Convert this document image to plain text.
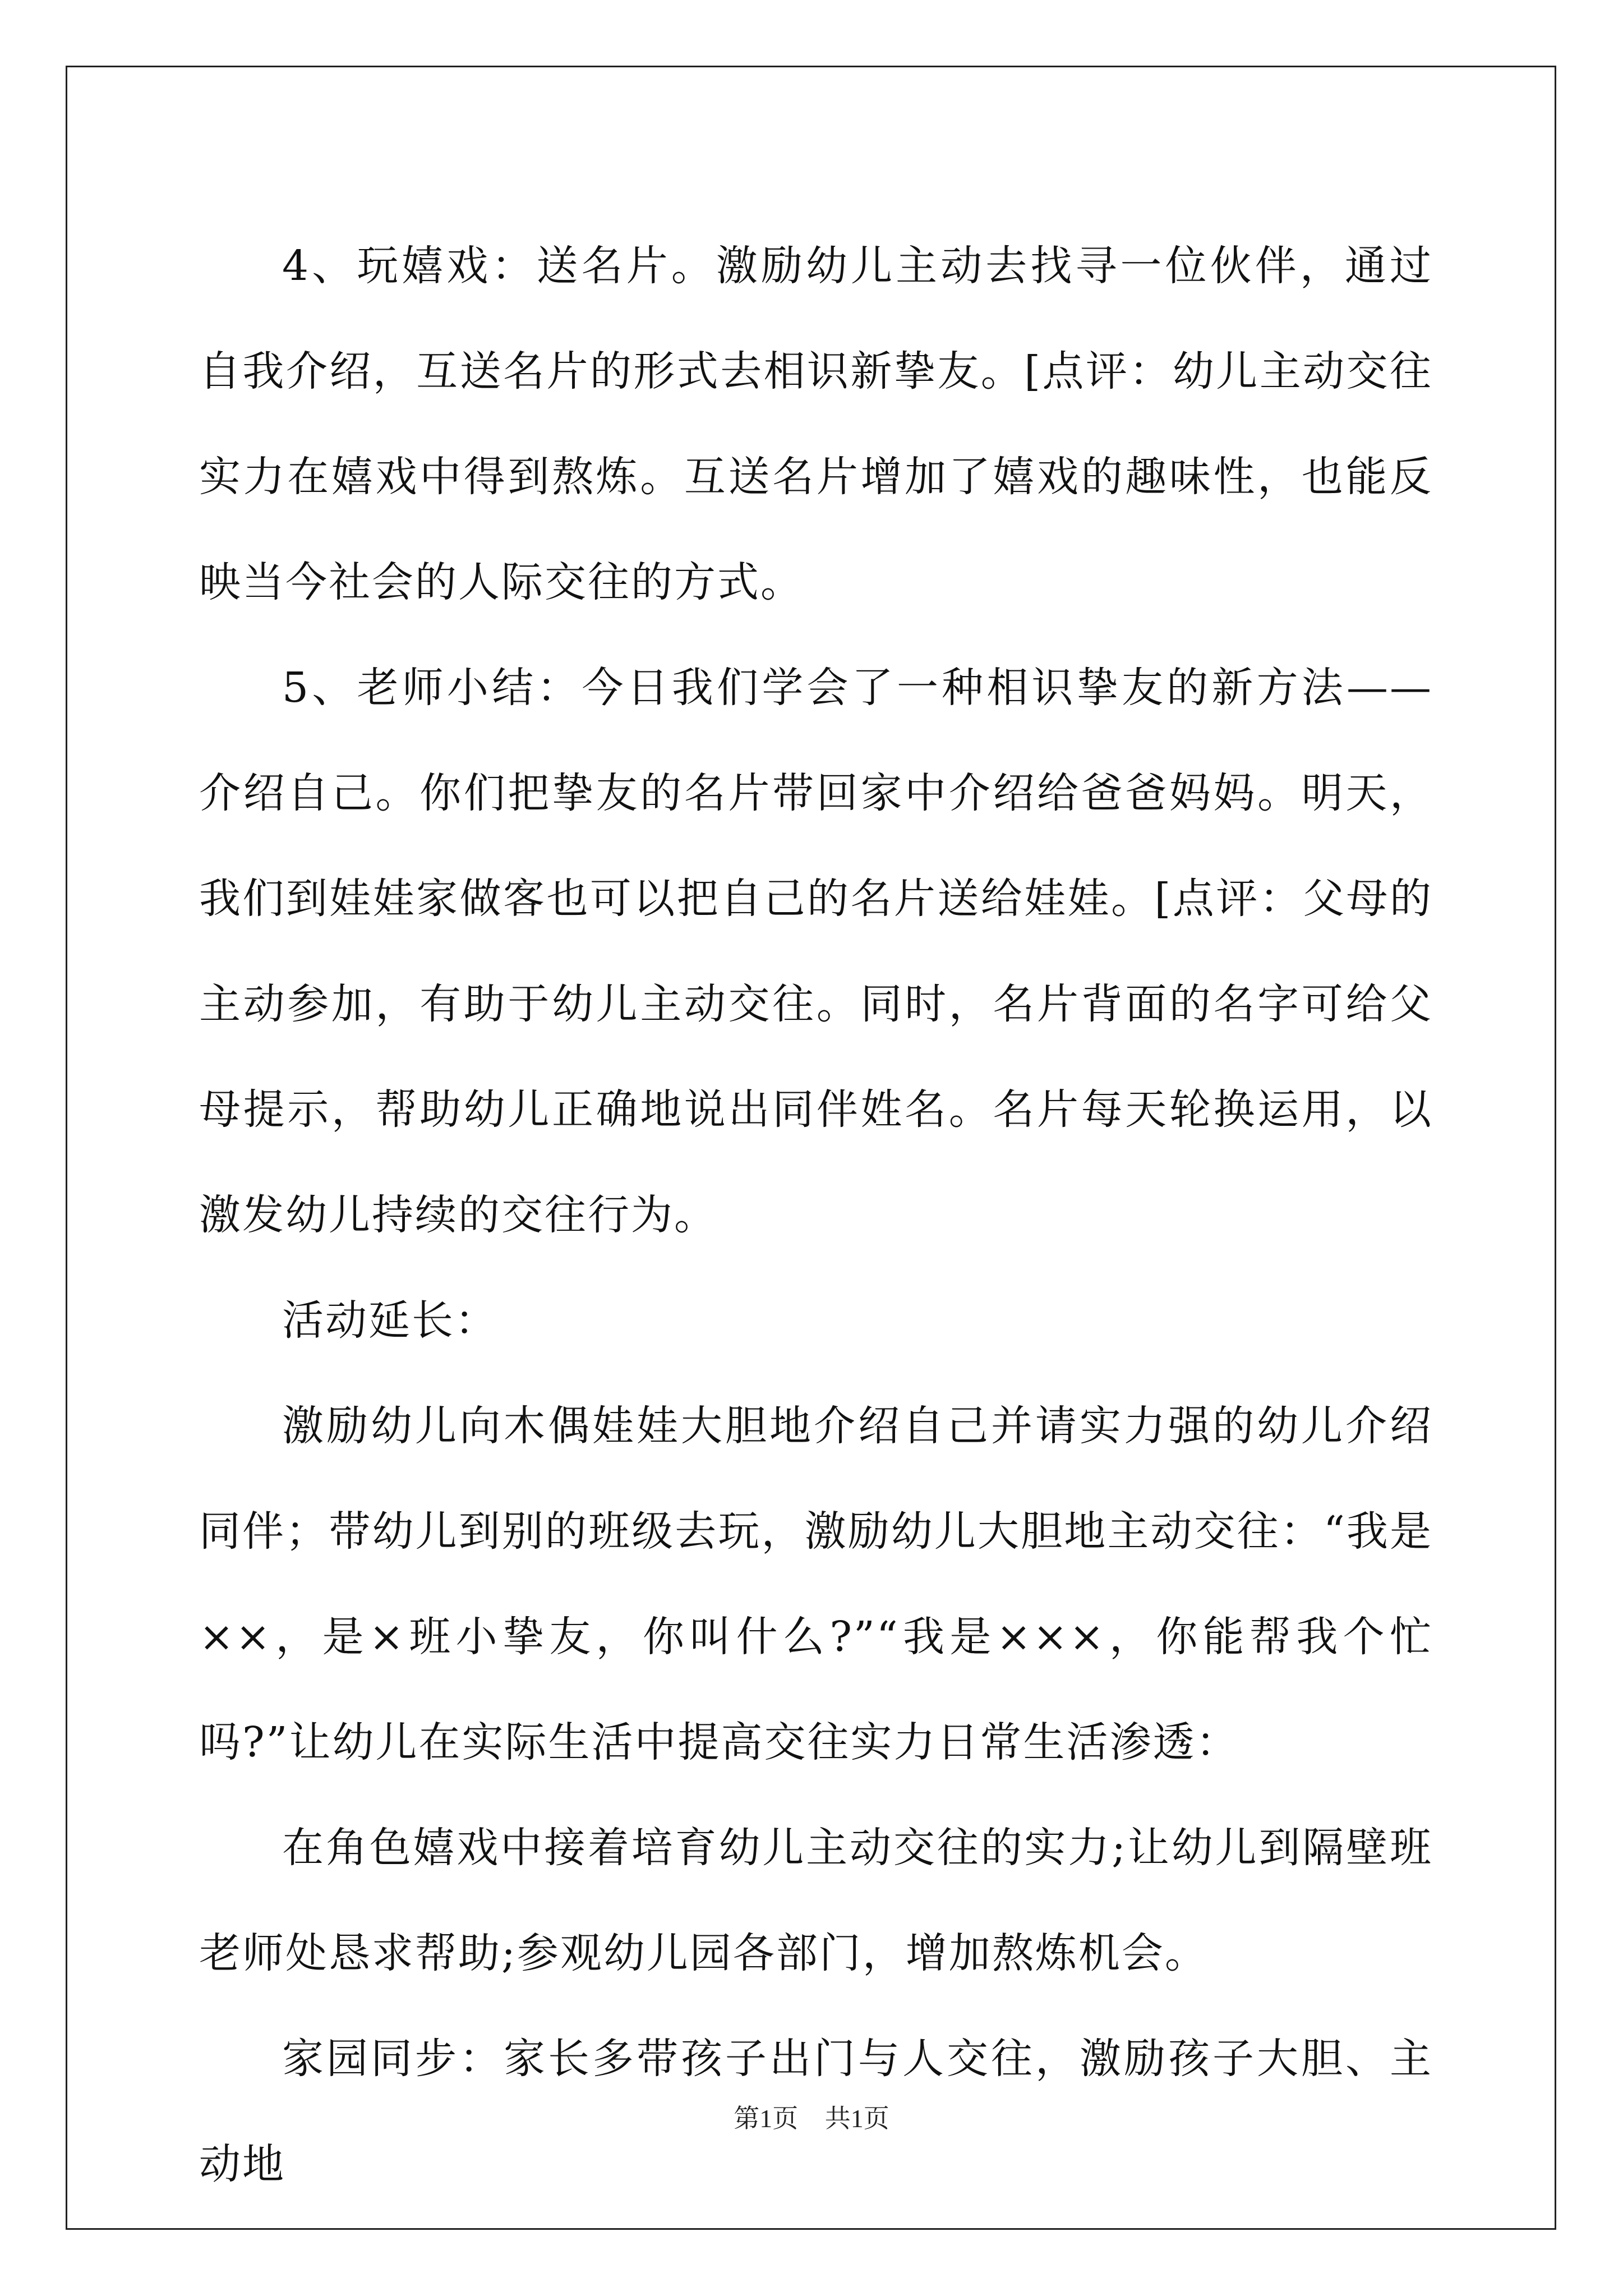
4、玩嬉戏：送名片。激励幼儿主动去找寻一位伙伴，通过自我介绍，互送名片的形式去相识新挚友。[点评：幼儿主动交往实力在嬉戏中得到熬炼。互送名片增加了嬉戏的趣味性，也能反映当今社会的人际交往的方式。

5、老师小结：今日我们学会了一种相识挚友的新方法——介绍自己。你们把挚友的名片带回家中介绍给爸爸妈妈。明天，我们到娃娃家做客也可以把自己的名片送给娃娃。[点评：父母的主动参加，有助于幼儿主动交往。同时，名片背面的名字可给父母提示，帮助幼儿正确地说出同伴姓名。名片每天轮换运用，以激发幼儿持续的交往行为。

活动延长：

激励幼儿向木偶娃娃大胆地介绍自己并请实力强的幼儿介绍同伴；带幼儿到别的班级去玩，激励幼儿大胆地主动交往：“我是××，是×班小挚友，你叫什么?”“我是×××，你能帮我个忙吗?”让幼儿在实际生活中提高交往实力日常生活渗透：

在角色嬉戏中接着培育幼儿主动交往的实力;让幼儿到隔壁班老师处恳求帮助;参观幼儿园各部门，增加熬炼机会。

家园同步：家长多带孩子出门与人交往，激励孩子大胆、主动地

第1页 共1页
